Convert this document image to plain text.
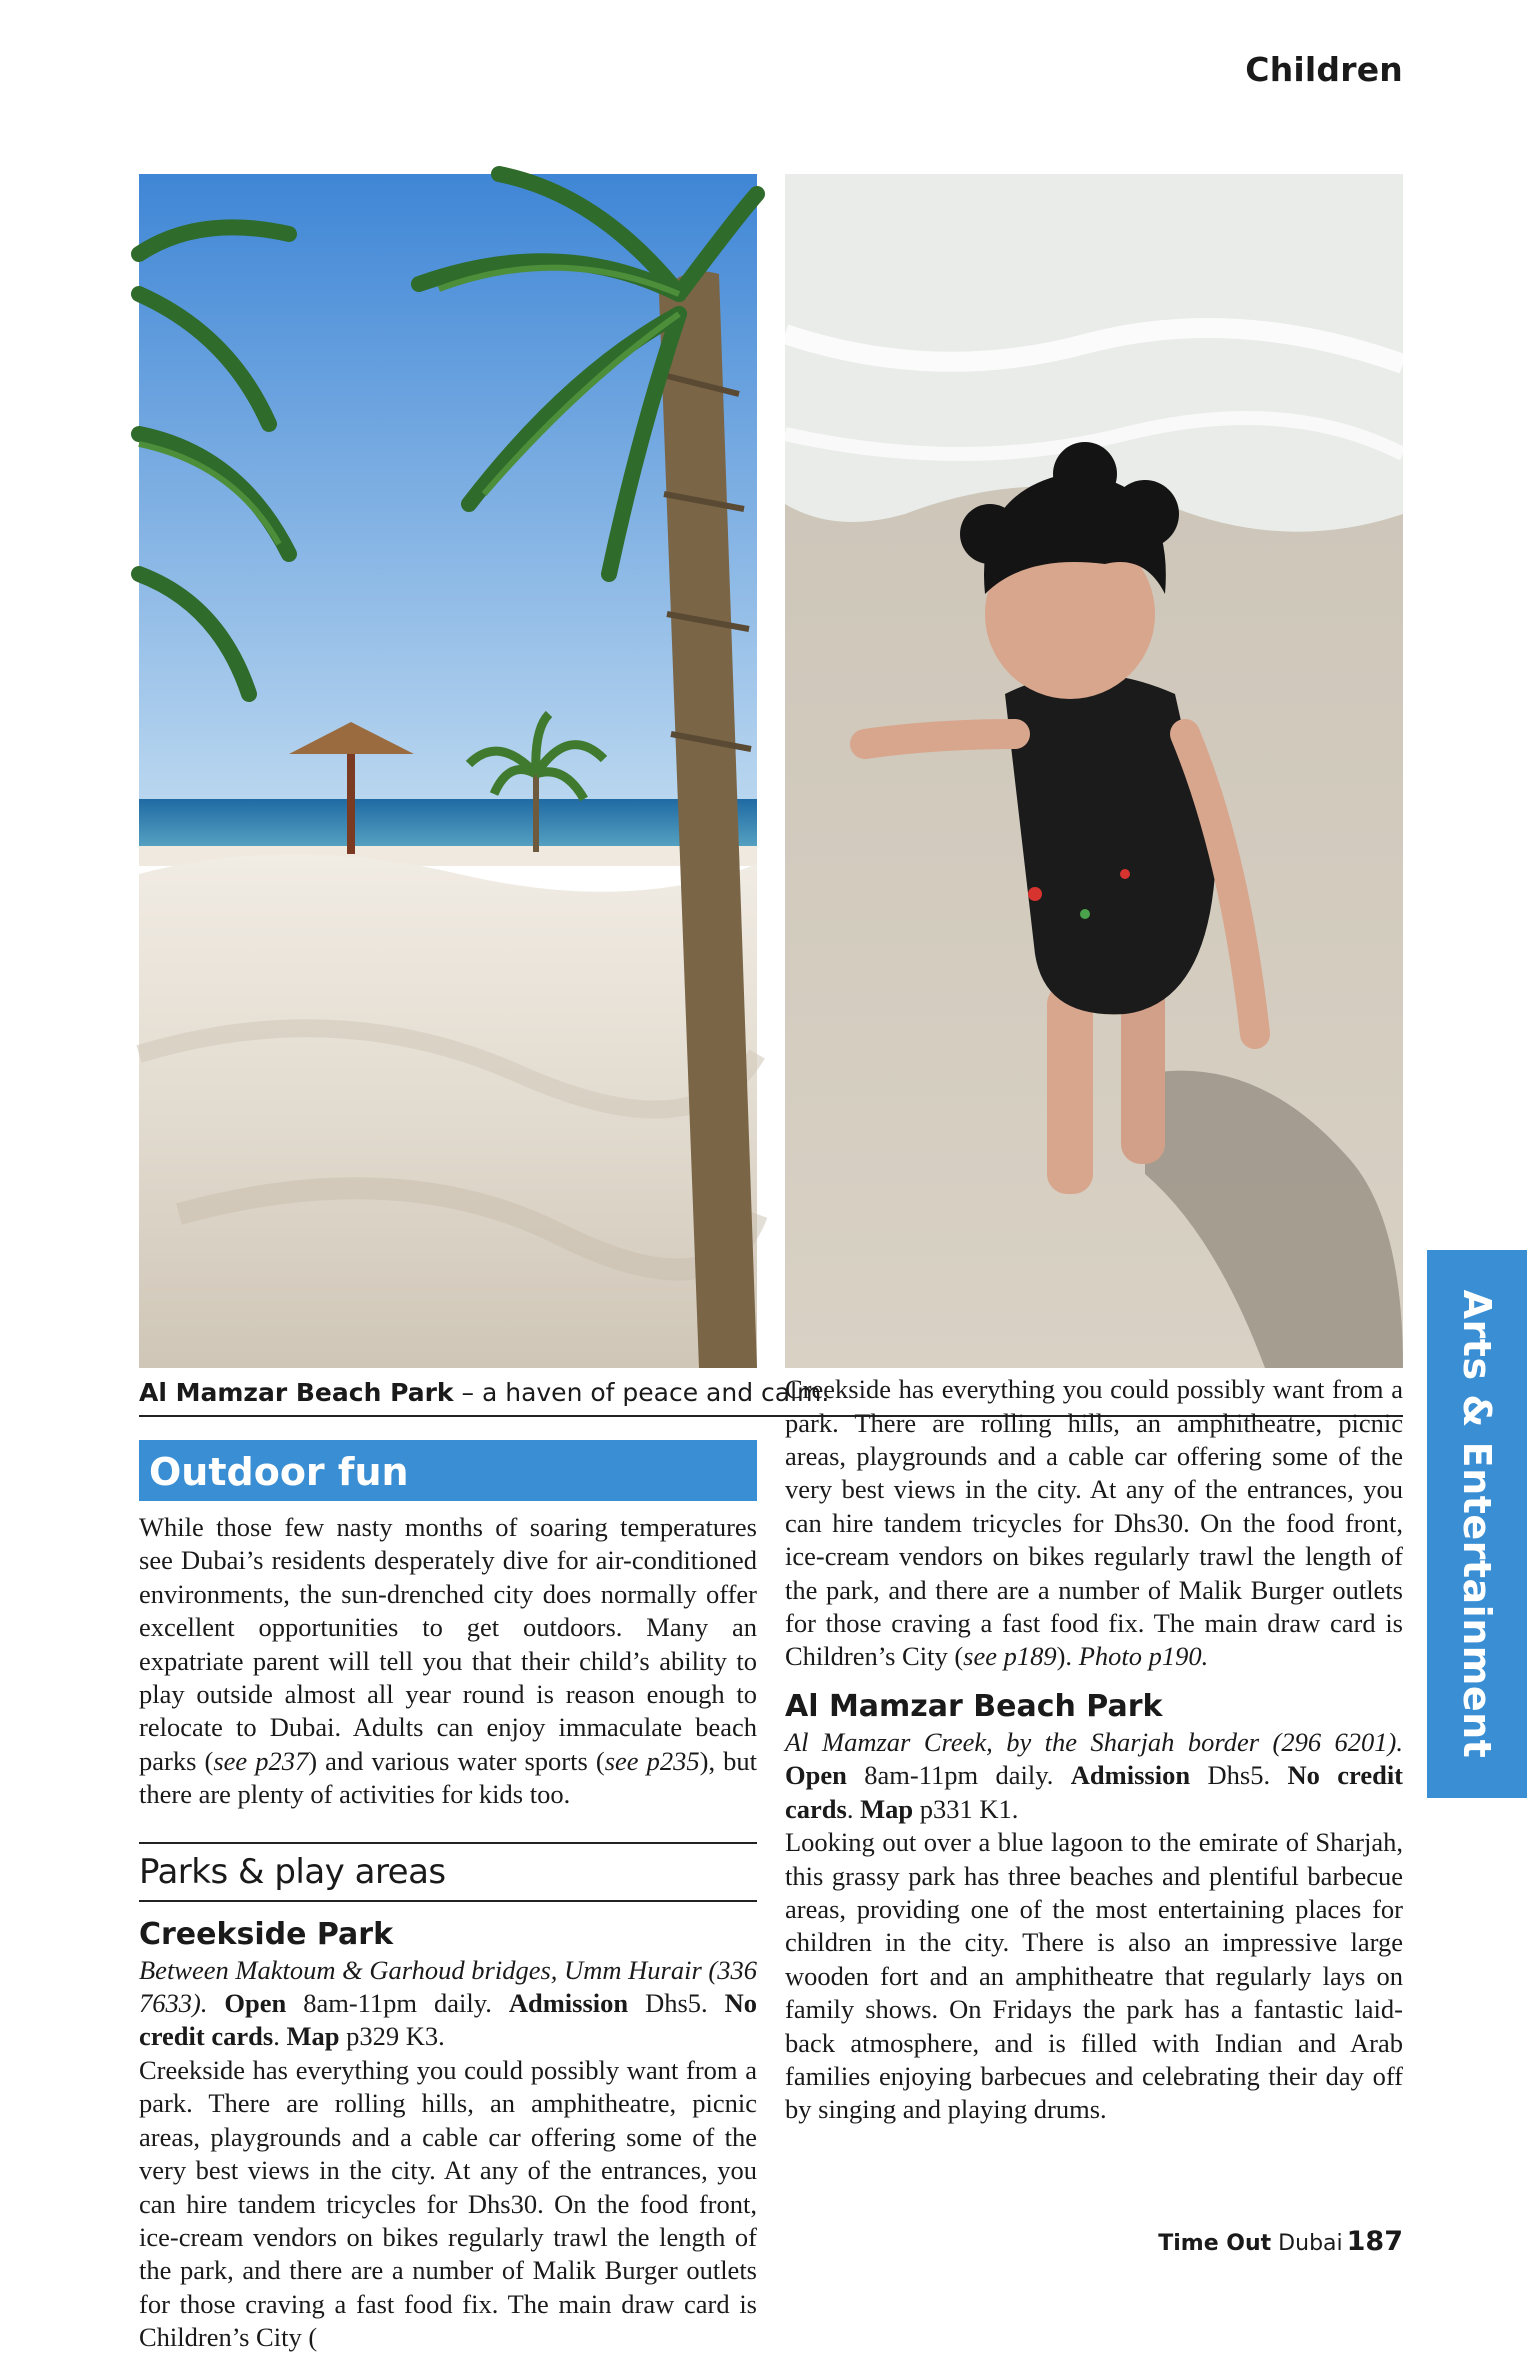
Children
Al Mamzar Beach Park – a haven of peace and calm.	Arts & Entertainment
Outdoor fun

While those few nasty months of soaring temperatures see Dubai’s residents desperately dive for air-conditioned environments, the sun-drenched city does normally offer excellent opportunities to get outdoors. Many an expatriate parent will tell you that their child’s ability to play outside almost all year round is reason enough to relocate to Dubai. Adults can enjoy immaculate beach parks (see p237) and various water sports (see p235), but there are plenty of activities for kids too.

Parks & play areas
Creekside Park

Between Maktoum & Garhoud bridges, Umm Hurair (336 7633). Open 8am-11pm daily. Admission Dhs5. No credit cards. Map p329 K3.

Creekside has everything you could possibly want from a park. There are rolling hills, an amphitheatre, picnic areas, playgrounds and a cable car offering some of the very best views in the city. At any of the entrances, you can hire tandem tricycles for Dhs30. On the food front, ice-cream vendors on bikes regularly trawl the length of the park, and there are a number of Malik Burger outlets for those craving a fast food fix. The main draw card is Children’s City (

Creekside has everything you could possibly want from a park. There are rolling hills, an amphitheatre, picnic areas, playgrounds and a cable car offering some of the very best views in the city. At any of the entrances, you can hire tandem tricycles for Dhs30. On the food front, ice-cream vendors on bikes regularly trawl the length of the park, and there are a number of Malik Burger outlets for those craving a fast food fix. The main draw card is Children’s City (see p189). Photo p190.

Al Mamzar Beach Park

Al Mamzar Creek, by the Sharjah border (296 6201). Open 8am-11pm daily. Admission Dhs5. No credit cards. Map p331 K1.

Looking out over a blue lagoon to the emirate of Sharjah, this grassy park has three beaches and plentiful barbecue areas, providing one of the most entertaining places for children in the city. There is also an impressive large wooden fort and an amphitheatre that regularly lays on family shows. On Fridays the park has a fantastic laid-back atmosphere, and is filled with Indian and Arab families enjoying barbecues and celebrating their day off by singing and playing drums.

Time Out Dubai 187
